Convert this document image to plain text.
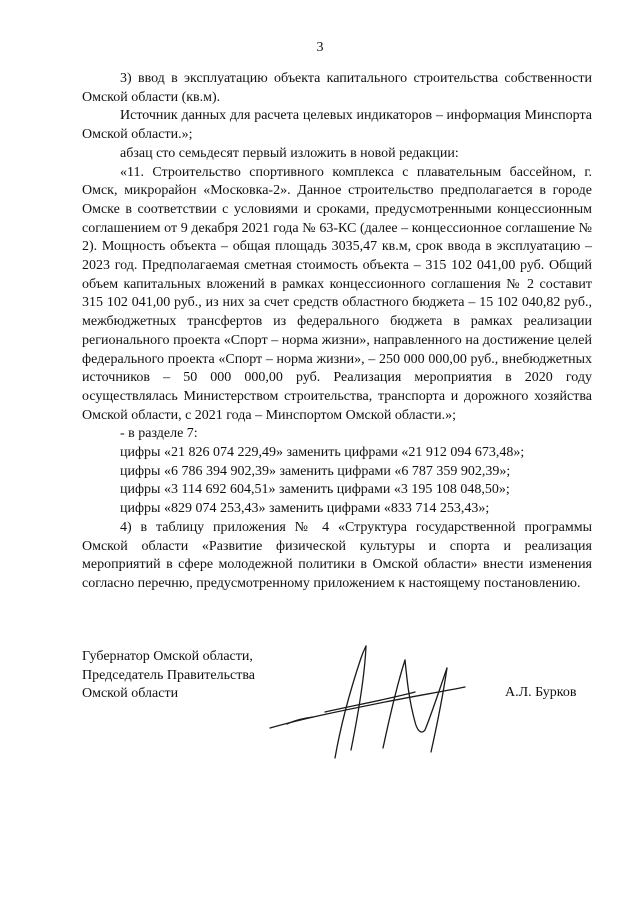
3

3) ввод в эксплуатацию объекта капитального строительства собственности Омской области (кв.м).

Источник данных для расчета целевых индикаторов – информация Минспорта Омской области.»;

абзац сто семьдесят первый изложить в новой редакции:

«11. Строительство спортивного комплекса с плавательным бассейном, г. Омск, микрорайон «Московка-2». Данное строительство предполагается в городе Омске в соответствии с условиями и сроками, предусмотренными концессионным соглашением от 9 декабря 2021 года № 63-КС (далее – концессионное соглашение № 2). Мощность объекта – общая площадь 3035,47 кв.м, срок ввода в эксплуатацию – 2023 год. Предполагаемая сметная стоимость объекта – 315 102 041,00 руб. Общий объем капитальных вложений в рамках концессионного соглашения № 2 составит 315 102 041,00 руб., из них за счет средств областного бюджета – 15 102 040,82 руб., межбюджетных трансфертов из федерального бюджета в рамках реализации регионального проекта «Спорт – норма жизни», направленного на достижение целей федерального проекта «Спорт – норма жизни», – 250 000 000,00 руб., внебюджетных источников – 50 000 000,00 руб. Реализация мероприятия в 2020 году осуществлялась Министерством строительства, транспорта и дорожного хозяйства Омской области, с 2021 года – Минспортом Омской области.»;

- в разделе 7:

цифры «21 826 074 229,49» заменить цифрами «21 912 094 673,48»;

цифры «6 786 394 902,39» заменить цифрами «6 787 359 902,39»;

цифры «3 114 692 604,51» заменить цифрами «3 195 108 048,50»;

цифры «829 074 253,43» заменить цифрами «833 714 253,43»;

4) в таблицу приложения № 4 «Структура государственной программы Омской области «Развитие физической культуры и спорта и реализация мероприятий в сфере молодежной политики в Омской области» внести изменения согласно перечню, предусмотренному приложением к настоящему постановлению.

Губернатор Омской области,
Председатель Правительства
Омской области	А.Л. Бурков
